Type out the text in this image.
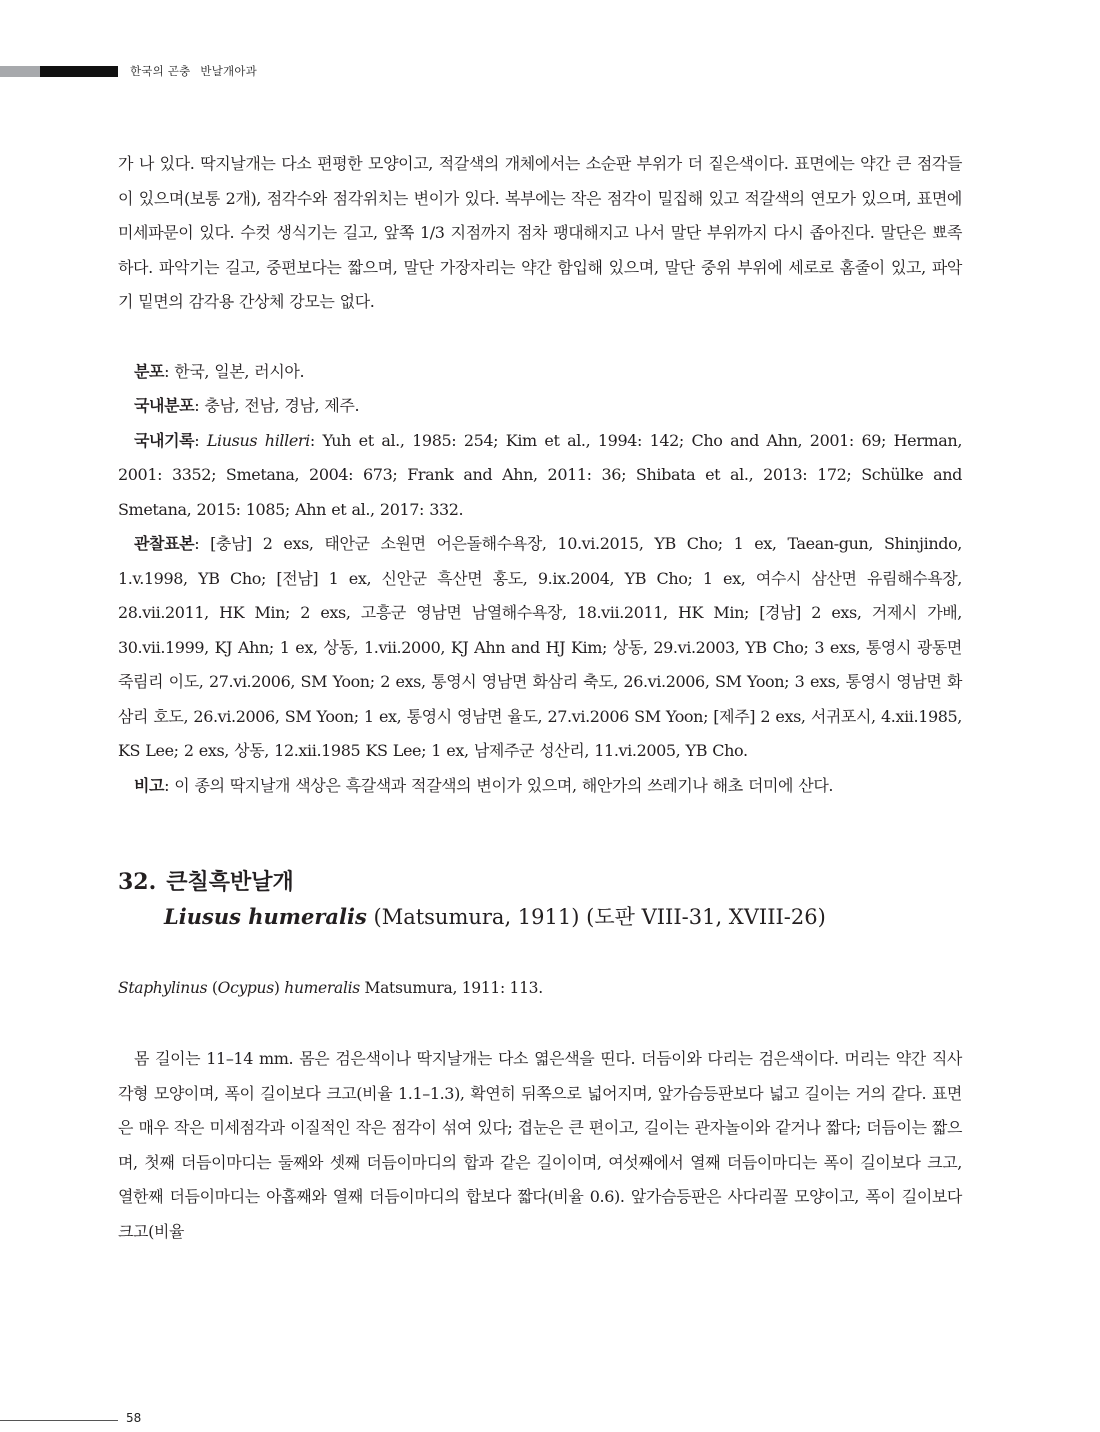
한국의 곤충 반날개아과

가 나 있다. 딱지날개는 다소 편평한 모양이고, 적갈색의 개체에서는 소순판 부위가 더 짙은색이다. 표면에는 약간 큰 점각들이 있으며(보통 2개), 점각수와 점각위치는 변이가 있다. 복부에는 작은 점각이 밀집해 있고 적갈색의 연모가 있으며, 표면에 미세파문이 있다. 수컷 생식기는 길고, 앞쪽 1/3 지점까지 점차 팽대해지고 나서 말단 부위까지 다시 좁아진다. 말단은 뾰족하다. 파악기는 길고, 중편보다는 짧으며, 말단 가장자리는 약간 함입해 있으며, 말단 중위 부위에 세로로 홈줄이 있고, 파악기 밑면의 감각용 간상체 강모는 없다.

분포: 한국, 일본, 러시아.

국내분포: 충남, 전남, 경남, 제주.

국내기록: Liusus hilleri: Yuh et al., 1985: 254; Kim et al., 1994: 142; Cho and Ahn, 2001: 69; Herman, 2001: 3352; Smetana, 2004: 673; Frank and Ahn, 2011: 36; Shibata et al., 2013: 172; Schülke and Smetana, 2015: 1085; Ahn et al., 2017: 332.

관찰표본: [충남] 2 exs, 태안군 소원면 어은돌해수욕장, 10.vi.2015, YB Cho; 1 ex, Taean-gun, Shinjindo, 1.v.1998, YB Cho; [전남] 1 ex, 신안군 흑산면 홍도, 9.ix.2004, YB Cho; 1 ex, 여수시 삼산면 유림해수욕장, 28.vii.2011, HK Min; 2 exs, 고흥군 영남면 남열해수욕장, 18.vii.2011, HK Min; [경남] 2 exs, 거제시 가배, 30.vii.1999, KJ Ahn; 1 ex, 상동, 1.vii.2000, KJ Ahn and HJ Kim; 상동, 29.vi.2003, YB Cho; 3 exs, 통영시 광동면 죽림리 이도, 27.vi.2006, SM Yoon; 2 exs, 통영시 영남면 화삼리 축도, 26.vi.2006, SM Yoon; 3 exs, 통영시 영남면 화삼리 호도, 26.vi.2006, SM Yoon; 1 ex, 통영시 영남면 율도, 27.vi.2006 SM Yoon; [제주] 2 exs, 서귀포시, 4.xii.1985, KS Lee; 2 exs, 상동, 12.xii.1985 KS Lee; 1 ex, 남제주군 성산리, 11.vi.2005, YB Cho.

비고: 이 종의 딱지날개 색상은 흑갈색과 적갈색의 변이가 있으며, 해안가의 쓰레기나 해초 더미에 산다.

32. 큰칠흑반날개

Liusus humeralis (Matsumura, 1911) (도판 VIII-31, XVIII-26)

Staphylinus (Ocypus) humeralis Matsumura, 1911: 113.

몸 길이는 11–14 mm. 몸은 검은색이나 딱지날개는 다소 엷은색을 띤다. 더듬이와 다리는 검은색이다. 머리는 약간 직사각형 모양이며, 폭이 길이보다 크고(비율 1.1–1.3), 확연히 뒤쪽으로 넓어지며, 앞가슴등판보다 넓고 길이는 거의 같다. 표면은 매우 작은 미세점각과 이질적인 작은 점각이 섞여 있다; 겹눈은 큰 편이고, 길이는 관자놀이와 같거나 짧다; 더듬이는 짧으며, 첫째 더듬이마디는 둘째와 셋째 더듬이마디의 합과 같은 길이이며, 여섯째에서 열째 더듬이마디는 폭이 길이보다 크고, 열한째 더듬이마디는 아홉째와 열째 더듬이마디의 합보다 짧다(비율 0.6). 앞가슴등판은 사다리꼴 모양이고, 폭이 길이보다 크고(비율

58
